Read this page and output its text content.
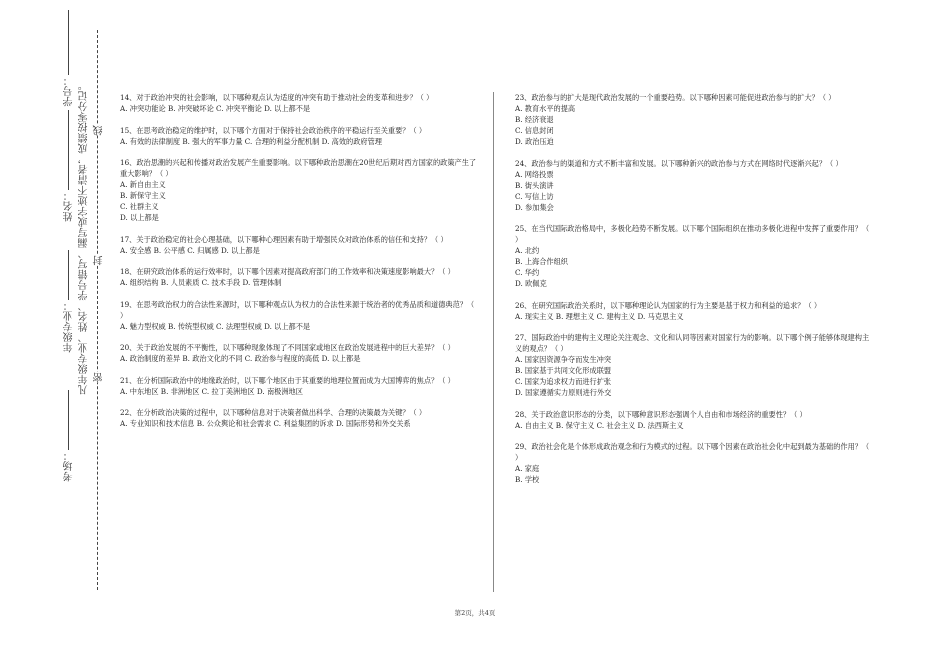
考场：
年级专业：
姓名：
学号： 凡年级专业、姓名、学号错写、漏写或字迹不清者，成绩按零分记。 密
封
线
14、对于政治冲突的社会影响，以下哪种观点认为适度的冲突有助于推动社会的变革和进步？（ ）
A. 冲突功能论 B. 冲突破坏论 C. 冲突平衡论 D. 以上都不是
15、在思考政治稳定的维护时，以下哪个方面对于保持社会政治秩序的平稳运行至关重要？（ ）
A. 有效的法律制度 B. 强大的军事力量 C. 合理的利益分配机制 D. 高效的政府管理
16、政治思潮的兴起和传播对政治发展产生重要影响。以下哪种政治思潮在20世纪后期对西方国家的政策产生了重大影响？（ ）
A. 新自由主义
B. 新保守主义
C. 社群主义
D. 以上都是
17、关于政治稳定的社会心理基础，以下哪种心理因素有助于增强民众对政治体系的信任和支持？（ ）
A. 安全感 B. 公平感 C. 归属感 D. 以上都是
18、在研究政治体系的运行效率时，以下哪个因素对提高政府部门的工作效率和决策速度影响最大？（ ）
A. 组织结构 B. 人员素质 C. 技术手段 D. 管理体制
19、在思考政治权力的合法性来源时，以下哪种观点认为权力的合法性来源于统治者的优秀品质和道德典范？（ ）
A. 魅力型权威 B. 传统型权威 C. 法理型权威 D. 以上都不是
20、关于政治发展的不平衡性，以下哪种现象体现了不同国家或地区在政治发展进程中的巨大差异？（ ）
A. 政治制度的差异 B. 政治文化的不同 C. 政治参与程度的高低 D. 以上都是
21、在分析国际政治中的地缘政治时，以下哪个地区由于其重要的地理位置而成为大国博弈的焦点？（ ）
A. 中东地区 B. 非洲地区 C. 拉丁美洲地区 D. 南极洲地区
22、在分析政治决策的过程中，以下哪种信息对于决策者做出科学、合理的决策最为关键？（ ）
A. 专业知识和技术信息 B. 公众舆论和社会需求 C. 利益集团的诉求 D. 国际形势和外交关系
23、政治参与的扩大是现代政治发展的一个重要趋势。以下哪种因素可能促进政治参与的扩大？（ ）
A. 教育水平的提高
B. 经济衰退
C. 信息封闭
D. 政治压迫
24、政治参与的渠道和方式不断丰富和发展。以下哪种新兴的政治参与方式在网络时代逐渐兴起？（ ）
A. 网络投票
B. 街头演讲
C. 写信上访
D. 参加集会
25、在当代国际政治格局中，多极化趋势不断发展。以下哪个国际组织在推动多极化进程中发挥了重要作用？（ ）
A. 北约
B. 上海合作组织
C. 华约
D. 欧佩克
26、在研究国际政治关系时，以下哪种理论认为国家的行为主要是基于权力和利益的追求？（ ）
A. 现实主义 B. 理想主义 C. 建构主义 D. 马克思主义
27、国际政治中的建构主义理论关注观念、文化和认同等因素对国家行为的影响。以下哪个例子能够体现建构主义的观点？（ ）
A. 国家因资源争夺而发生冲突
B. 国家基于共同文化形成联盟
C. 国家为追求权力而进行扩张
D. 国家遵循实力原则进行外交
28、关于政治意识形态的分类，以下哪种意识形态强调个人自由和市场经济的重要性？（ ）
A. 自由主义 B. 保守主义 C. 社会主义 D. 法西斯主义
29、政治社会化是个体形成政治观念和行为模式的过程。以下哪个因素在政治社会化中起到最为基础的作用？（ ）
A. 家庭
B. 学校
第2页，共4页
